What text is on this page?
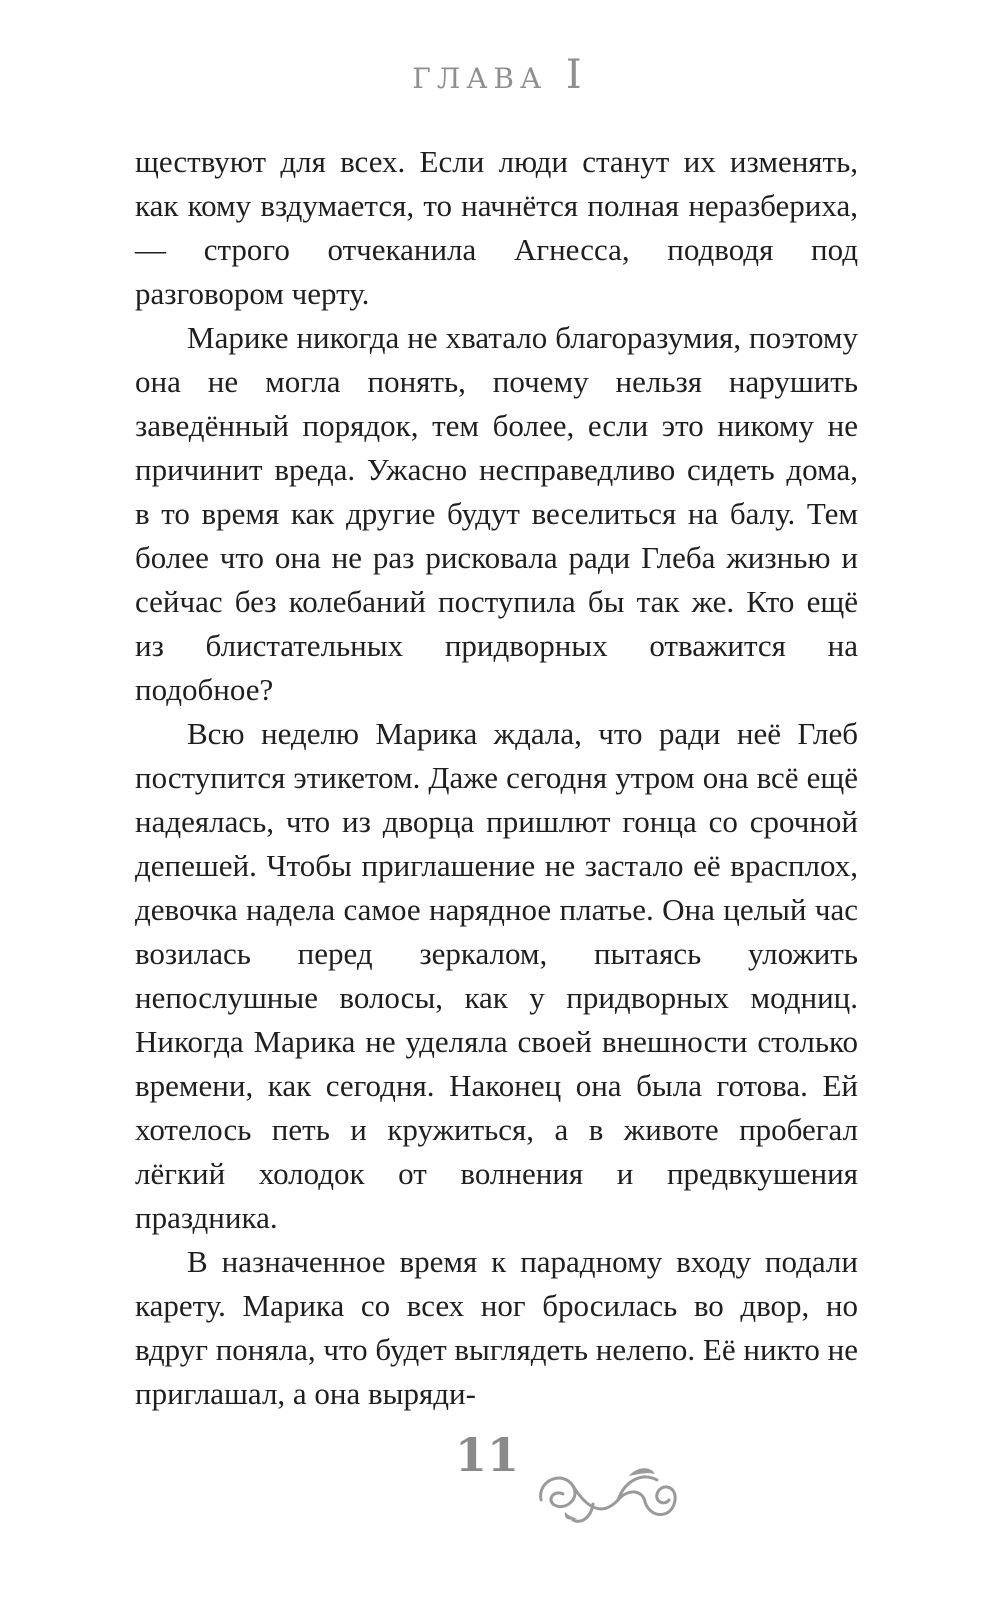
глава I

ществуют для всех. Если люди станут их изменять, как кому вздумается, то начнётся полная неразбериха, — строго отчеканила Агнесса, подводя под разговором черту.

Марике никогда не хватало благоразумия, поэтому она не могла понять, почему нельзя нарушить заведённый порядок, тем более, если это никому не причинит вреда. Ужасно несправедливо сидеть дома, в то время как другие будут веселиться на балу. Тем более что она не раз рисковала ради Глеба жизнью и сейчас без колебаний поступила бы так же. Кто ещё из блистательных придворных отважится на подобное?

Всю неделю Марика ждала, что ради неё Глеб поступится этикетом. Даже сегодня утром она всё ещё надеялась, что из дворца пришлют гонца со срочной депешей. Чтобы приглашение не застало её врасплох, девочка надела самое нарядное платье. Она целый час возилась перед зеркалом, пытаясь уложить непослушные волосы, как у придворных модниц. Никогда Марика не уделяла своей внешности столько времени, как сегодня. Наконец она была готова. Ей хотелось петь и кружиться, а в животе пробегал лёгкий холодок от волнения и предвкушения праздника.

В назначенное время к парадному входу подали карету. Марика со всех ног бросилась во двор, но вдруг поняла, что будет выглядеть нелепо. Её никто не приглашал, а она выряди-

11
